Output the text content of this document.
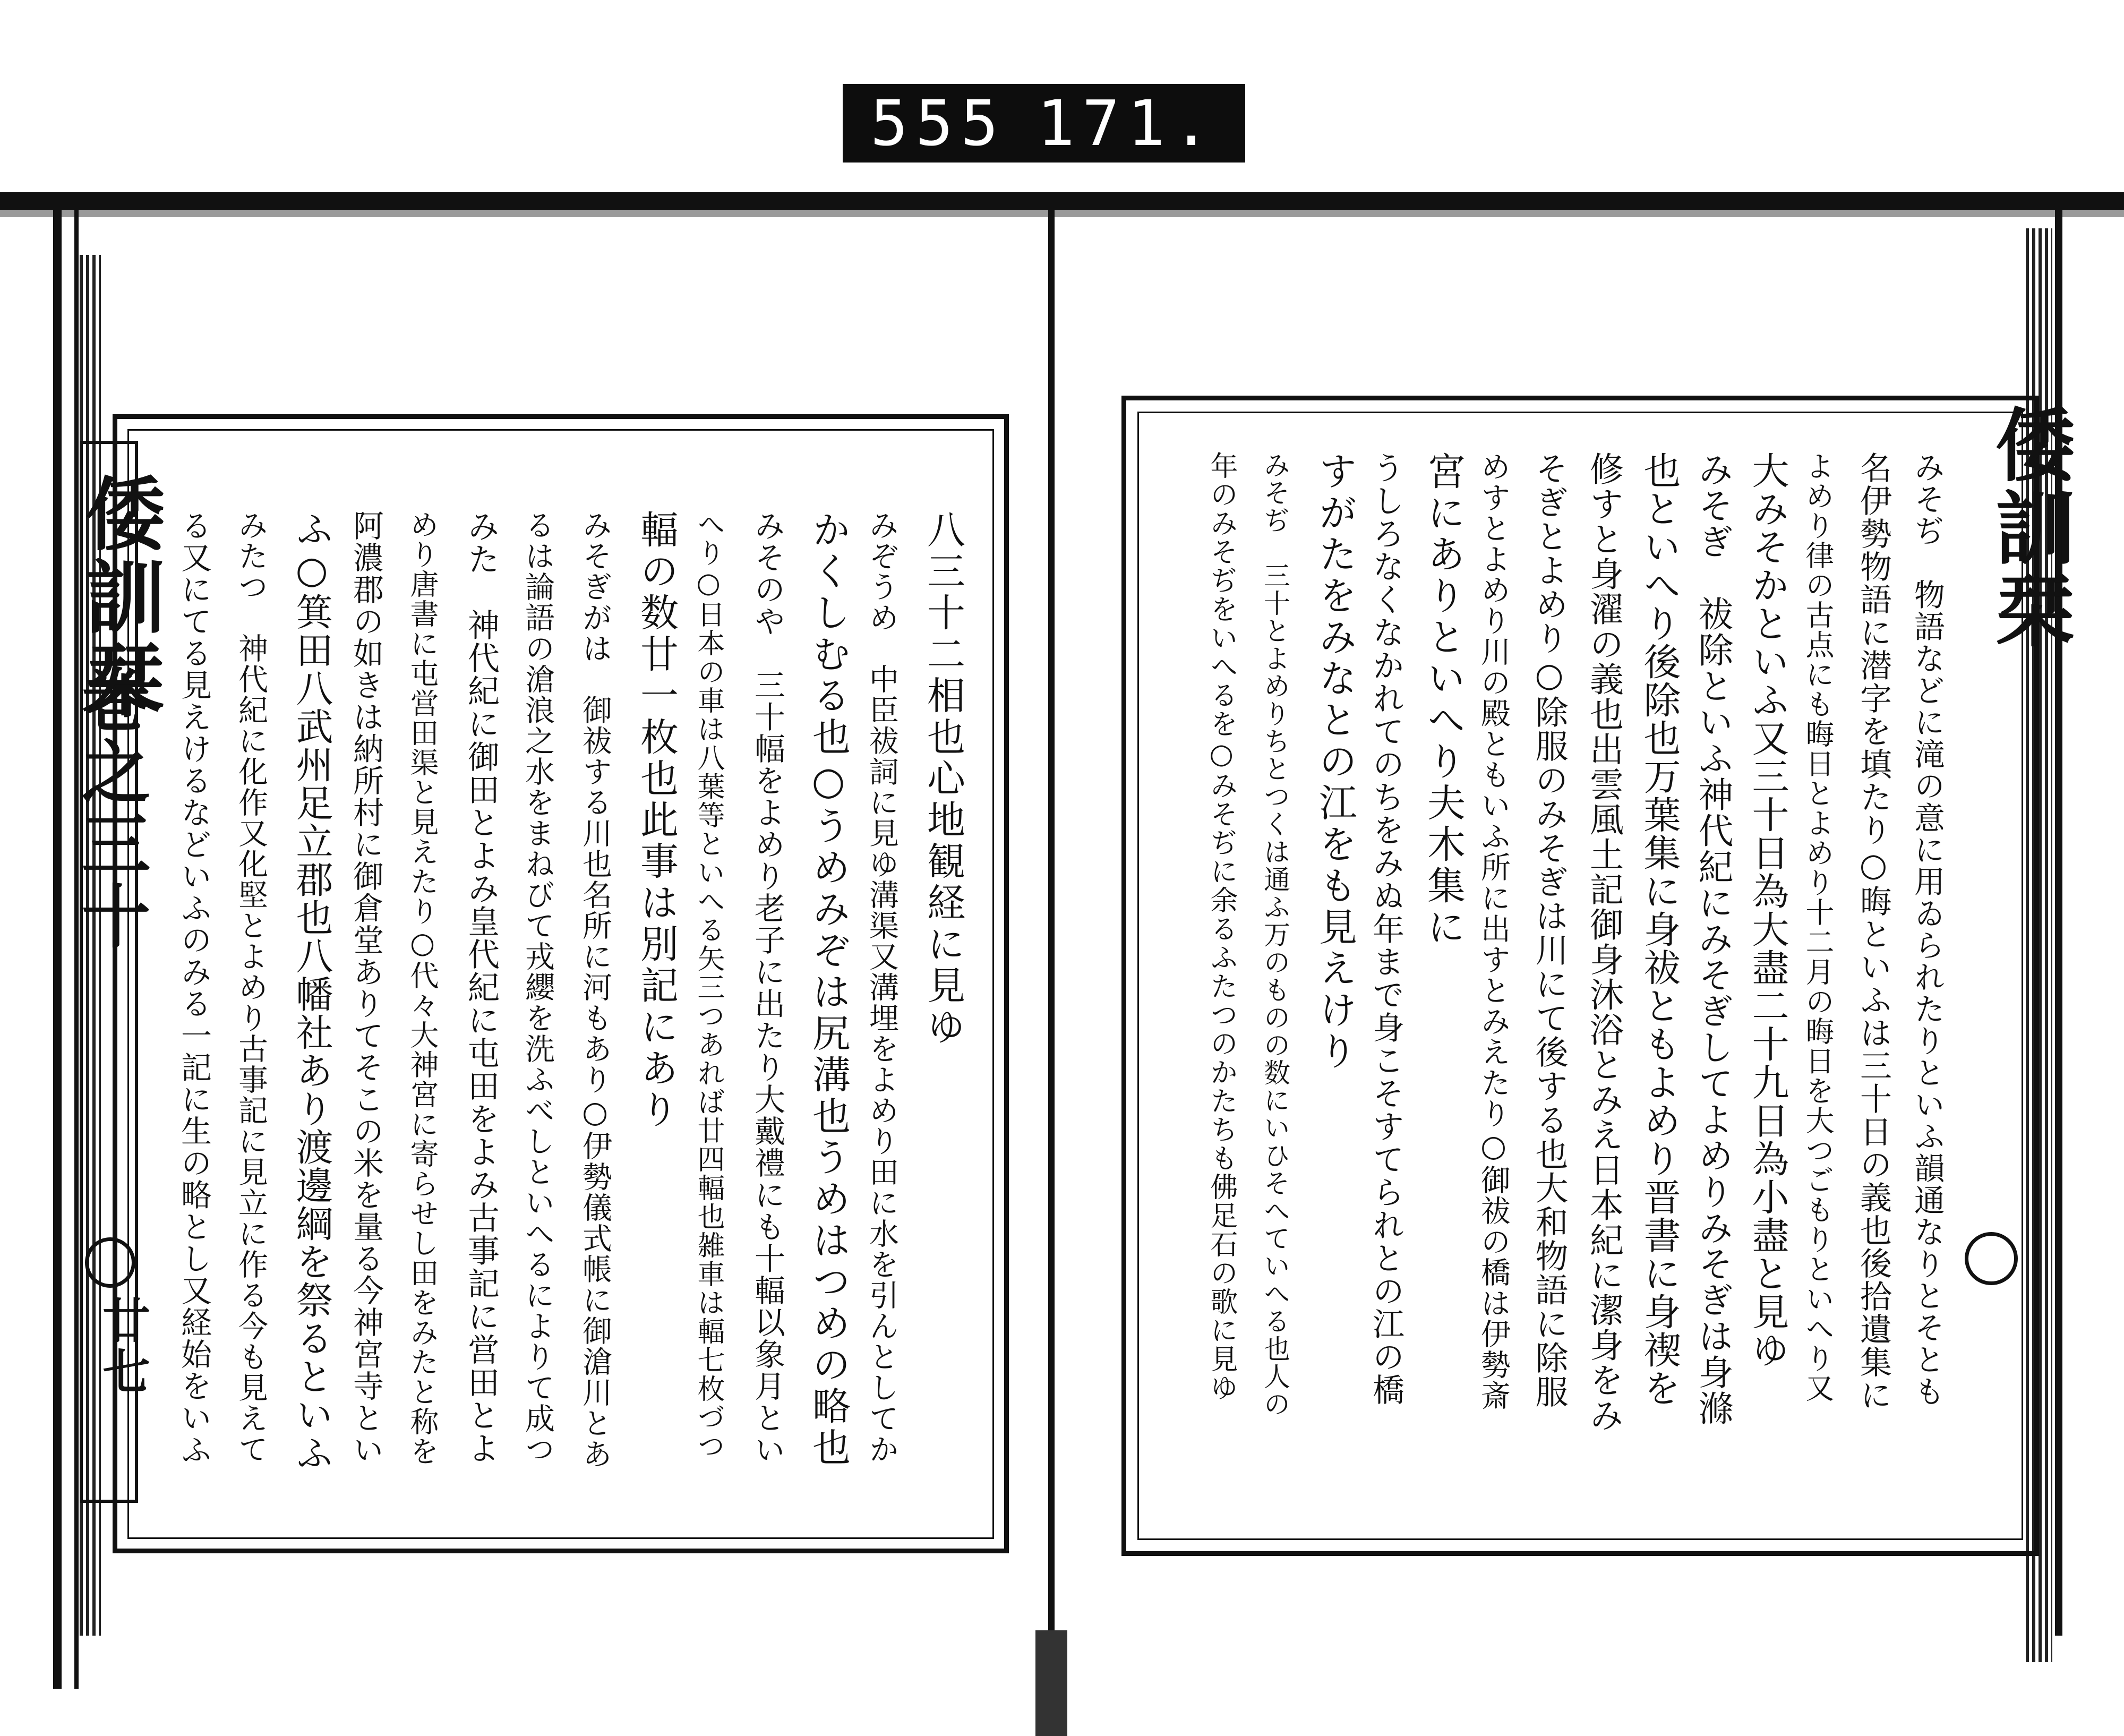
555 171.
倭訓栞
巻之三十
廿七
八三十二相也心地観経に見ゆ
みぞうめ　中臣祓詞に見ゆ溝渠又溝埋をよめり田に水を引んとしてか
かくしむる也○うめみぞは尻溝也うめはつめの略也
みそのや　三十幅をよめり老子に出たり大戴禮にも十輻以象月とい
へり○日本の車は八葉等といへる矢三つあれば廿四輻也雑車は輻七枚づつ
輻の数廿一枚也此事は別記にあり
みそぎがは　御祓する川也名所に河もあり○伊勢儀式帳に御滄川とあ
るは論語の滄浪之水をまねびて戎纓を洗ふべしといへるによりて成つ
みた　神代紀に御田とよみ皇代紀に屯田をよみ古事記に営田とよ
めり唐書に屯営田渠と見えたり○代々大神宮に寄らせし田をみたと称を
阿濃郡の如きは納所村に御倉堂ありてそこの米を量る今神宮寺とい
ふ○箕田八武州足立郡也八幡社あり渡邊綱を祭るといふ
みたつ　神代紀に化作又化堅とよめり古事記に見立に作る今も見えて
る又にてる見えけるなどいふのみる一記に生の略とし又経始をいふ	倭訓栞
みそぢ　物語などに滝の意に用ゐられたりといふ韻通なりとそとも
名伊勢物語に潜字を填たり○晦といふは三十日の義也後拾遺集に
よめり律の古点にも晦日とよめり十二月の晦日を大つごもりといへり又
大みそかといふ又三十日為大盡二十九日為小盡と見ゆ
みそぎ　祓除といふ神代紀にみそぎしてよめりみそぎは身滌
也といへり後除也万葉集に身祓ともよめり晋書に身禊を
修すと身濯の義也出雲風土記御身沐浴とみえ日本紀に潔身をみ
そぎとよめり○除服のみそぎは川にて後する也大和物語に除服
めすとよめり川の殿ともいふ所に出すとみえたり○御祓の橋は伊勢斎
宮にありといへり夫木集に
うしろなくなかれてのちをみぬ年まで身こそすてられとの江の橋
すがたをみなとの江をも見えけり
みそぢ　三十とよめりちとつくは通ふ万のものの数にいひそへていへる也人の
年のみそぢをいへるを○みそぢに余るふたつのかたちも佛足石の歌に見ゆ
